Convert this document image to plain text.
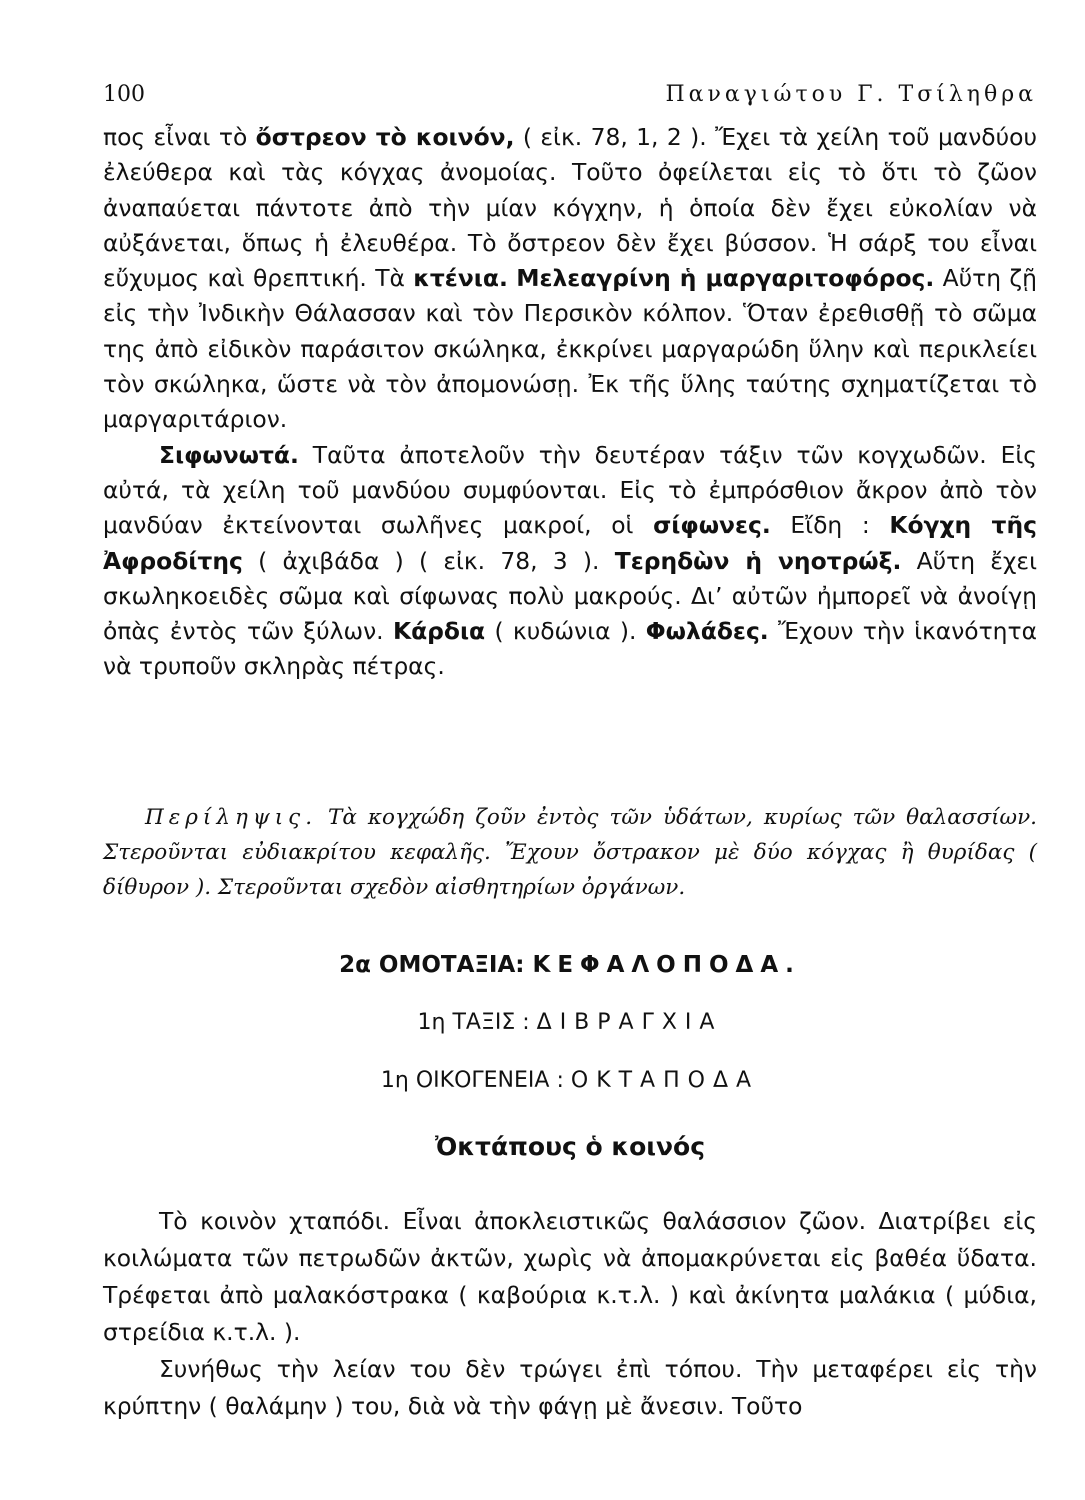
100	Παναγιώτου Γ. Τσίληθρα

πος εἶναι τὸ ὄστρεον τὸ κοινόν, ( εἰκ. 78, 1, 2 ). Ἔχει τὰ χείλη τοῦ μανδύου ἐλεύθερα καὶ τὰς κόγχας ἀνομοίας. Τοῦτο ὀφείλεται εἰς τὸ ὅτι τὸ ζῶον ἀναπαύεται πάντοτε ἀπὸ τὴν μίαν κόγχην, ἡ ὁποία δὲν ἔχει εὐκολίαν νὰ αὐξάνεται, ὅπως ἡ ἐλευθέρα. Τὸ ὄστρεον δὲν ἔχει βύσσον. Ἡ σάρξ του εἶναι εὔχυμος καὶ θρεπτική. Τὰ κτένια. Μελεαγρίνη ἡ μαργαριτοφόρος. Αὕτη ζῇ εἰς τὴν Ἰνδικὴν Θάλασσαν καὶ τὸν Περσικὸν κόλπον. Ὅταν ἐρεθισθῇ τὸ σῶμα της ἀπὸ εἰδικὸν παράσιτον σκώληκα, ἐκκρίνει μαργαρώδη ὕλην καὶ περικλείει τὸν σκώληκα, ὥστε νὰ τὸν ἀπομονώσῃ. Ἐκ τῆς ὕλης ταύτης σχηματίζεται τὸ μαργαριτάριον.

Σιφωνωτά. Ταῦτα ἀποτελοῦν τὴν δευτέραν τάξιν τῶν κογχωδῶν. Εἰς αὐτά, τὰ χείλη τοῦ μανδύου συμφύονται. Εἰς τὸ ἐμπρόσθιον ἄκρον ἀπὸ τὸν μανδύαν ἐκτείνονται σωλῆνες μακροί, οἱ σίφωνες. Εἴδη : Κόγχη τῆς Ἀφροδίτης ( ἀχιβάδα ) ( εἰκ. 78, 3 ). Τερηδὼν ἡ νηοτρώξ. Αὕτη ἔχει σκωληκοειδὲς σῶμα καὶ σίφωνας πολὺ μακρούς. Δι’ αὐτῶν ἠμπορεῖ νὰ ἀνοίγῃ ὀπὰς ἐντὸς τῶν ξύλων. Κάρδια ( κυδώνια ). Φωλάδες. Ἔχουν τὴν ἱκανότητα νὰ τρυποῦν σκληρὰς πέτρας.

Περίληψις. Τὰ κογχώδη ζοῦν ἐντὸς τῶν ὑδάτων, κυρίως τῶν θαλασσίων. Στεροῦνται εὐδιακρίτου κεφαλῆς. Ἔχουν ὄστρακον μὲ δύο κόγχας ἢ θυρίδας ( δίθυρον ). Στεροῦνται σχεδὸν αἰσθητηρίων ὀργάνων.
2α ΟΜΟΤΑΞΙΑ: ΚΕΦΑΛΟΠΟΔΑ.
1η ΤΑΞΙΣ : ΔΙΒΡΑΓΧΙΑ
1η ΟΙΚΟΓΕΝΕΙΑ : ΟΚΤΑΠΟΔΑ
Ὀκτάπους ὁ κοινός

Τὸ κοινὸν χταπόδι. Εἶναι ἀποκλειστικῶς θαλάσσιον ζῶον. Διατρίβει εἰς κοιλώματα τῶν πετρωδῶν ἀκτῶν, χωρὶς νὰ ἀπομακρύνεται εἰς βαθέα ὕδατα. Τρέφεται ἀπὸ μαλακόστρακα ( καβούρια κ.τ.λ. ) καὶ ἀκίνητα μαλάκια ( μύδια, στρείδια κ.τ.λ. ).

Συνήθως τὴν λείαν του δὲν τρώγει ἐπὶ τόπου. Τὴν μεταφέρει εἰς τὴν κρύπτην ( θαλάμην ) του, διὰ νὰ τὴν φάγῃ μὲ ἄνεσιν. Τοῦτο
